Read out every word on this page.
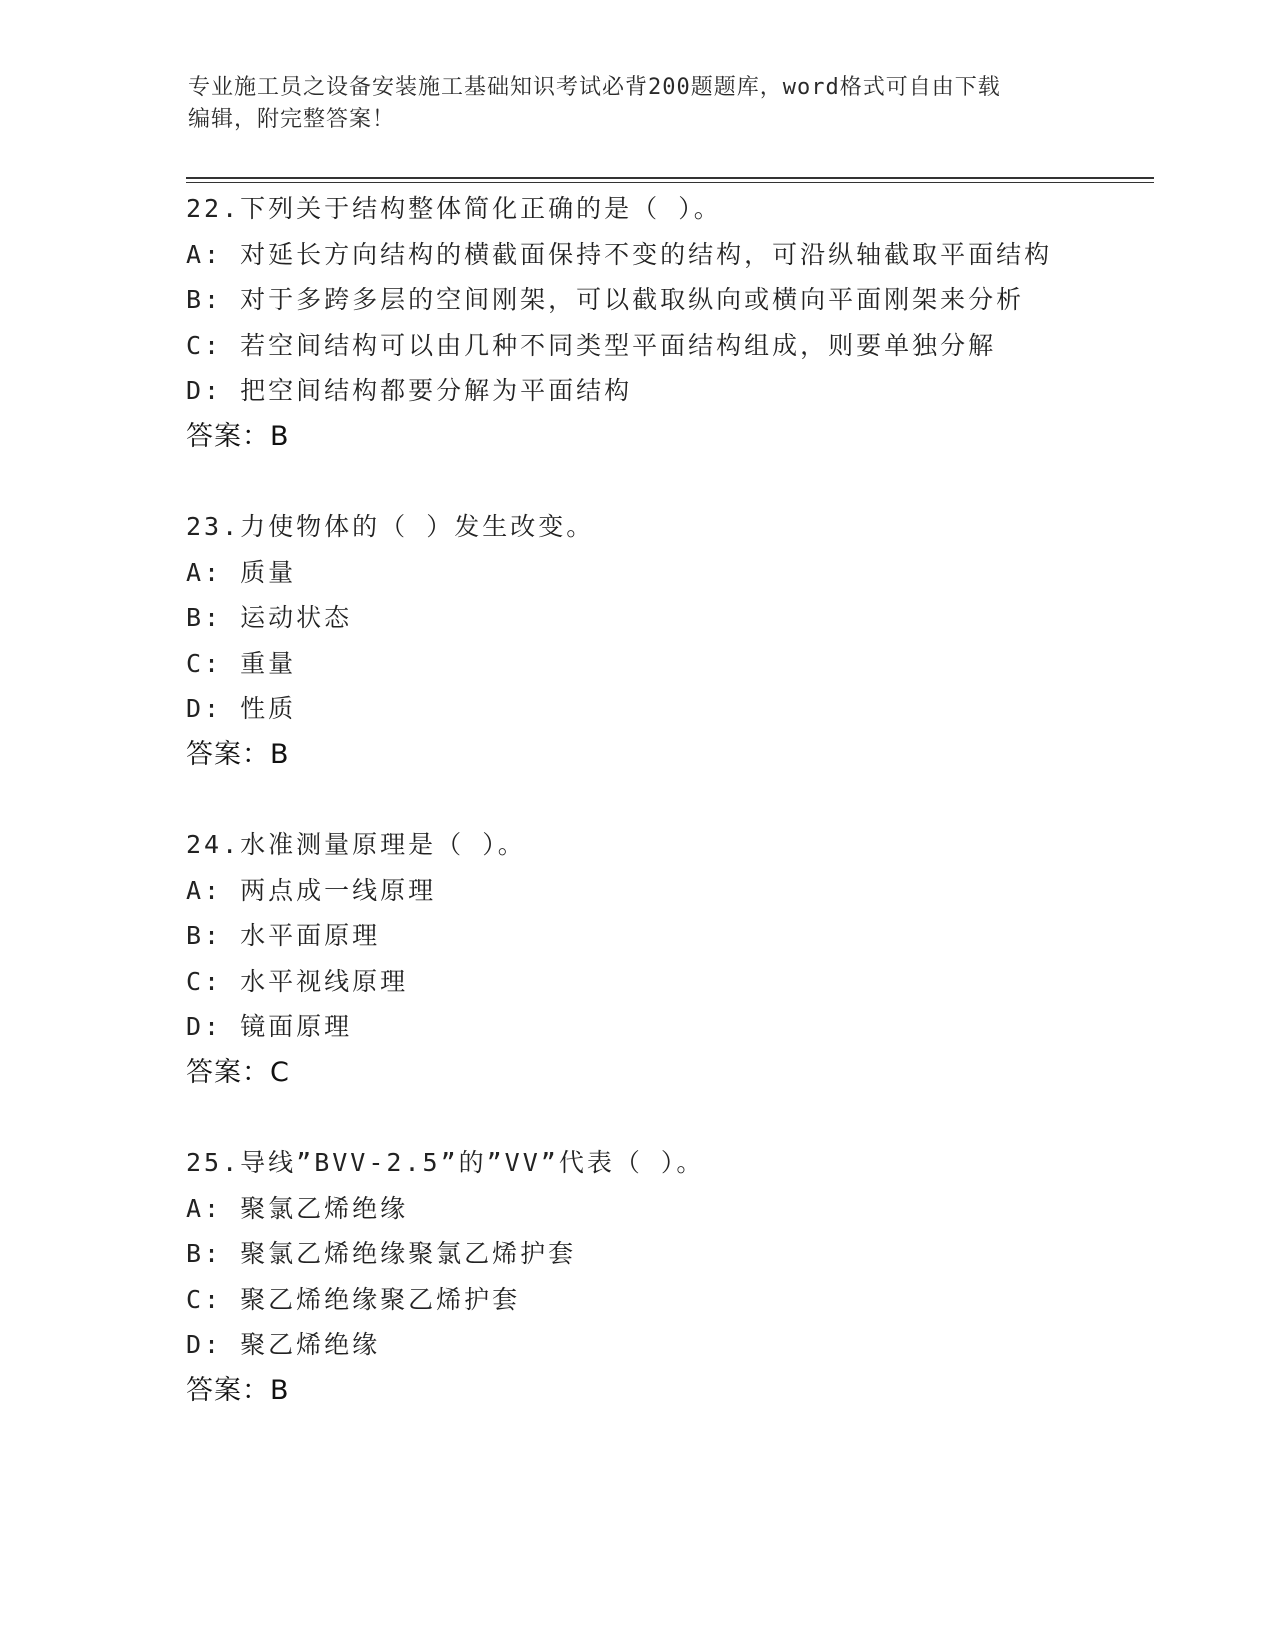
专业施工员之设备安装施工基础知识考试必背200题题库，word格式可自由下载
编辑，附完整答案！
22.下列关于结构整体简化正确的是（ ）。
A: 对延长方向结构的横截面保持不变的结构，可沿纵轴截取平面结构
B: 对于多跨多层的空间刚架，可以截取纵向或横向平面刚架来分析
C: 若空间结构可以由几种不同类型平面结构组成，则要单独分解
D: 把空间结构都要分解为平面结构
答案：B
23.力使物体的（ ）发生改变。
A: 质量
B: 运动状态
C: 重量
D: 性质
答案：B
24.水准测量原理是（ ）。
A: 两点成一线原理
B: 水平面原理
C: 水平视线原理
D: 镜面原理
答案：C
25.导线”BVV-2.5”的”VV”代表（ ）。
A: 聚氯乙烯绝缘
B: 聚氯乙烯绝缘聚氯乙烯护套
C: 聚乙烯绝缘聚乙烯护套
D: 聚乙烯绝缘
答案：B
